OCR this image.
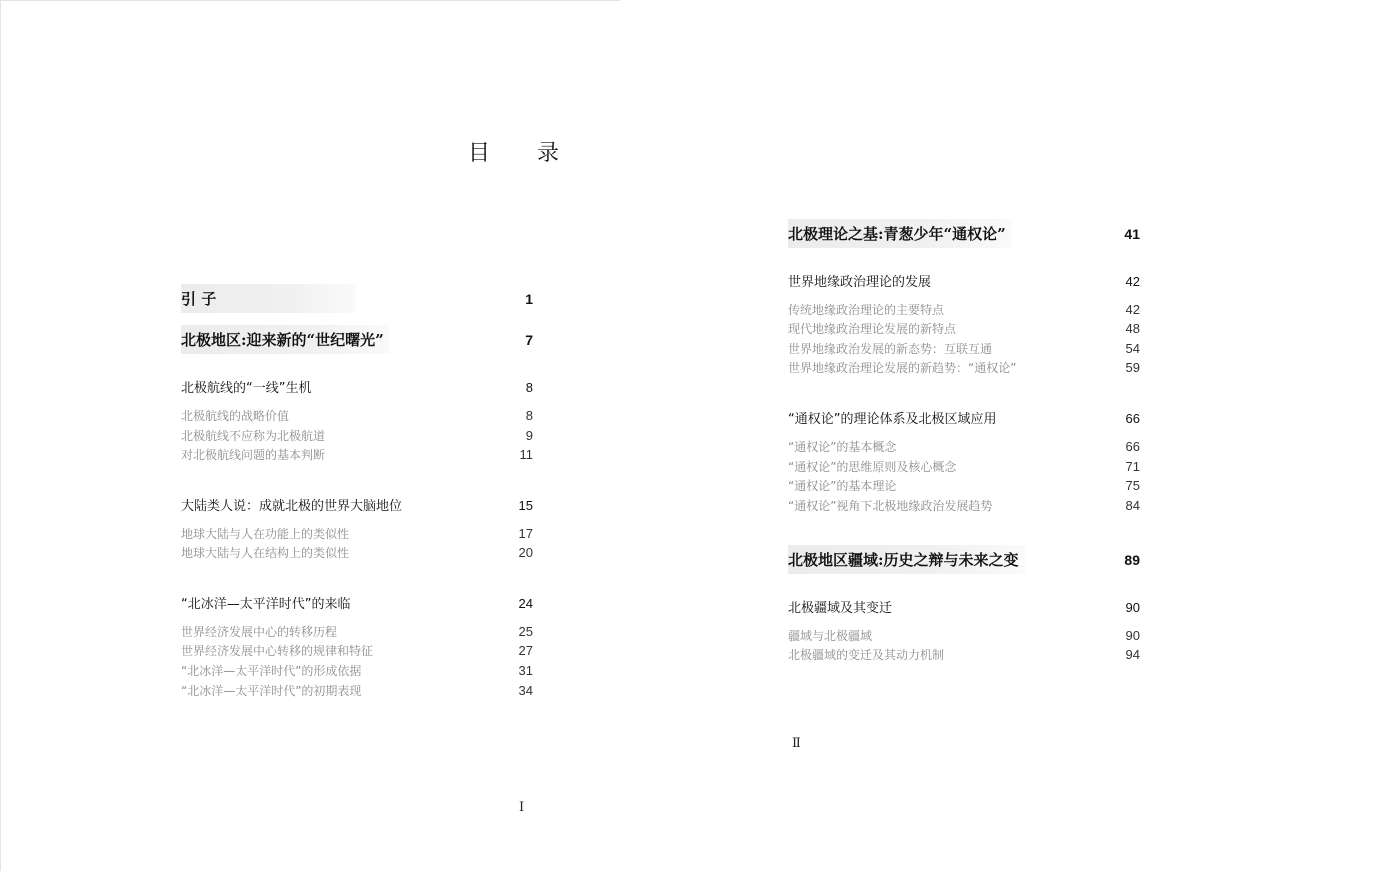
目 录
引 子	1
北极地区:迎来新的“世纪曙光”	7
北极航线的“一线”生机	8
北极航线的战略价值	8
北极航线不应称为北极航道	9
对北极航线问题的基本判断	11
大陆类人说：成就北极的世界大脑地位	15
地球大陆与人在功能上的类似性	17
地球大陆与人在结构上的类似性	20
“北冰洋—太平洋时代”的来临	24
世界经济发展中心的转移历程	25
世界经济发展中心转移的规律和特征	27
“北冰洋—太平洋时代”的形成依据	31
“北冰洋—太平洋时代”的初期表现	34
I
北极理论之基:青葱少年“通权论”	41
世界地缘政治理论的发展	42
传统地缘政治理论的主要特点	42
现代地缘政治理论发展的新特点	48
世界地缘政治发展的新态势：互联互通	54
世界地缘政治理论发展的新趋势：“通权论”	59
“通权论”的理论体系及北极区域应用	66
“通权论”的基本概念	66
“通权论”的思维原则及核心概念	71
“通权论”的基本理论	75
“通权论”视角下北极地缘政治发展趋势	84
北极地区疆域:历史之辩与未来之变	89
北极疆域及其变迁	90
疆域与北极疆域	90
北极疆域的变迁及其动力机制	94
Ⅱ
